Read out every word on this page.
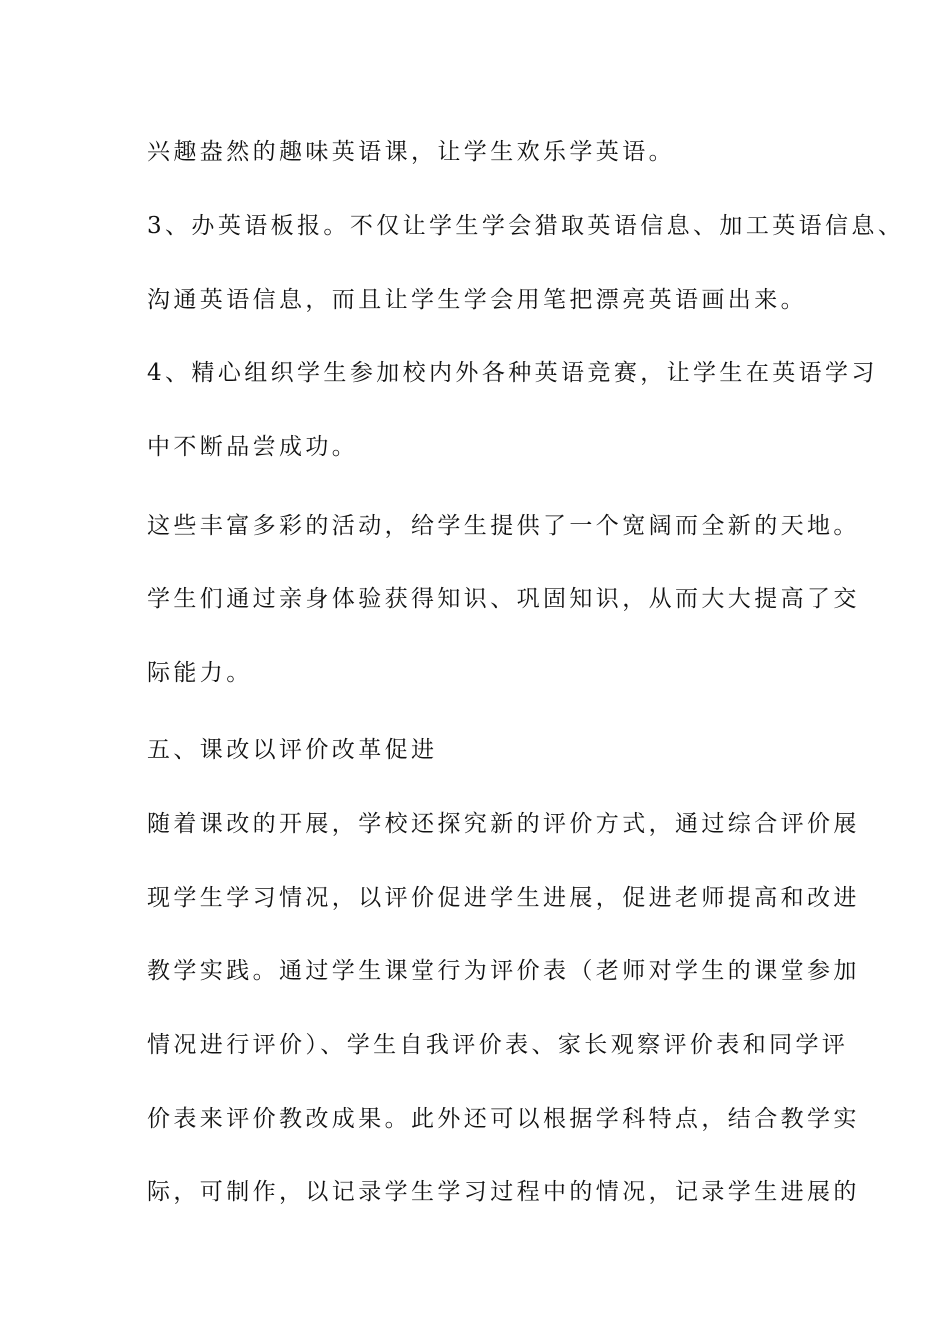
兴趣盎然的趣味英语课，让学生欢乐学英语。
3、办英语板报。不仅让学生学会猎取英语信息、加工英语信息、
沟通英语信息，而且让学生学会用笔把漂亮英语画出来。
4、精心组织学生参加校内外各种英语竞赛，让学生在英语学习
中不断品尝成功。
这些丰富多彩的活动，给学生提供了一个宽阔而全新的天地。
学生们通过亲身体验获得知识、巩固知识，从而大大提高了交
际能力。
五、课改以评价改革促进
随着课改的开展，学校还探究新的评价方式，通过综合评价展
现学生学习情况，以评价促进学生进展，促进老师提高和改进
教学实践。通过学生课堂行为评价表（老师对学生的课堂参加
情况进行评价）、学生自我评价表、家长观察评价表和同学评
价表来评价教改成果。此外还可以根据学科特点，结合教学实
际，可制作，以记录学生学习过程中的情况，记录学生进展的
